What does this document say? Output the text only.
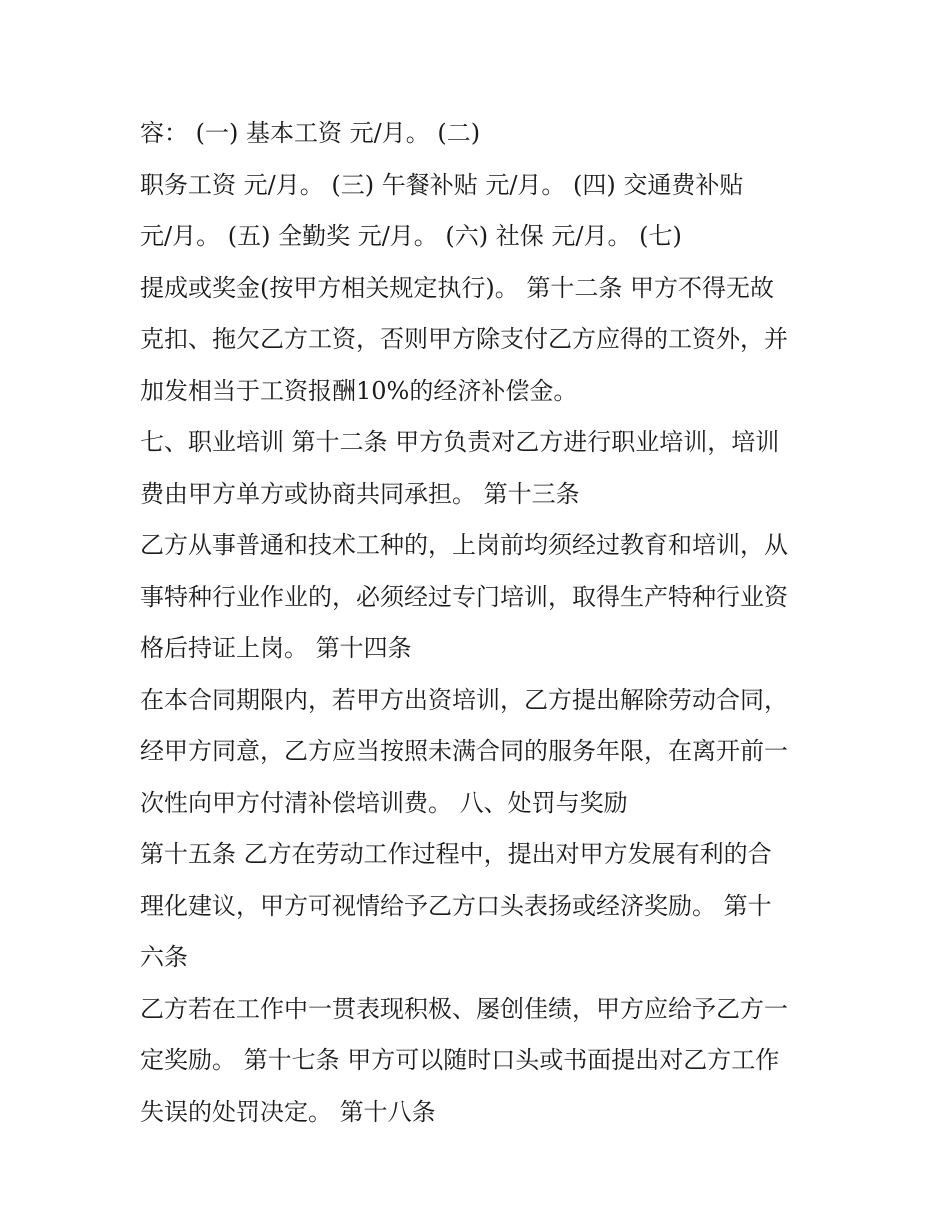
容： (一) 基本工资 元/月。 (二)
职务工资 元/月。 (三) 午餐补贴 元/月。 (四) 交通费补贴
元/月。 (五) 全勤奖 元/月。 (六) 社保 元/月。 (七)
提成或奖金(按甲方相关规定执行)。 第十二条 甲方不得无故
克扣、拖欠乙方工资，否则甲方除支付乙方应得的工资外，并
加发相当于工资报酬10%的经济补偿金。
七、职业培训 第十二条 甲方负责对乙方进行职业培训，培训
费由甲方单方或协商共同承担。 第十三条
乙方从事普通和技术工种的，上岗前均须经过教育和培训，从
事特种行业作业的，必须经过专门培训，取得生产特种行业资
格后持证上岗。 第十四条
在本合同期限内，若甲方出资培训，乙方提出解除劳动合同，
经甲方同意，乙方应当按照未满合同的服务年限，在离开前一
次性向甲方付清补偿培训费。 八、处罚与奖励
第十五条 乙方在劳动工作过程中，提出对甲方发展有利的合
理化建议，甲方可视情给予乙方口头表扬或经济奖励。 第十
六条
乙方若在工作中一贯表现积极、屡创佳绩，甲方应给予乙方一
定奖励。 第十七条 甲方可以随时口头或书面提出对乙方工作
失误的处罚决定。 第十八条
